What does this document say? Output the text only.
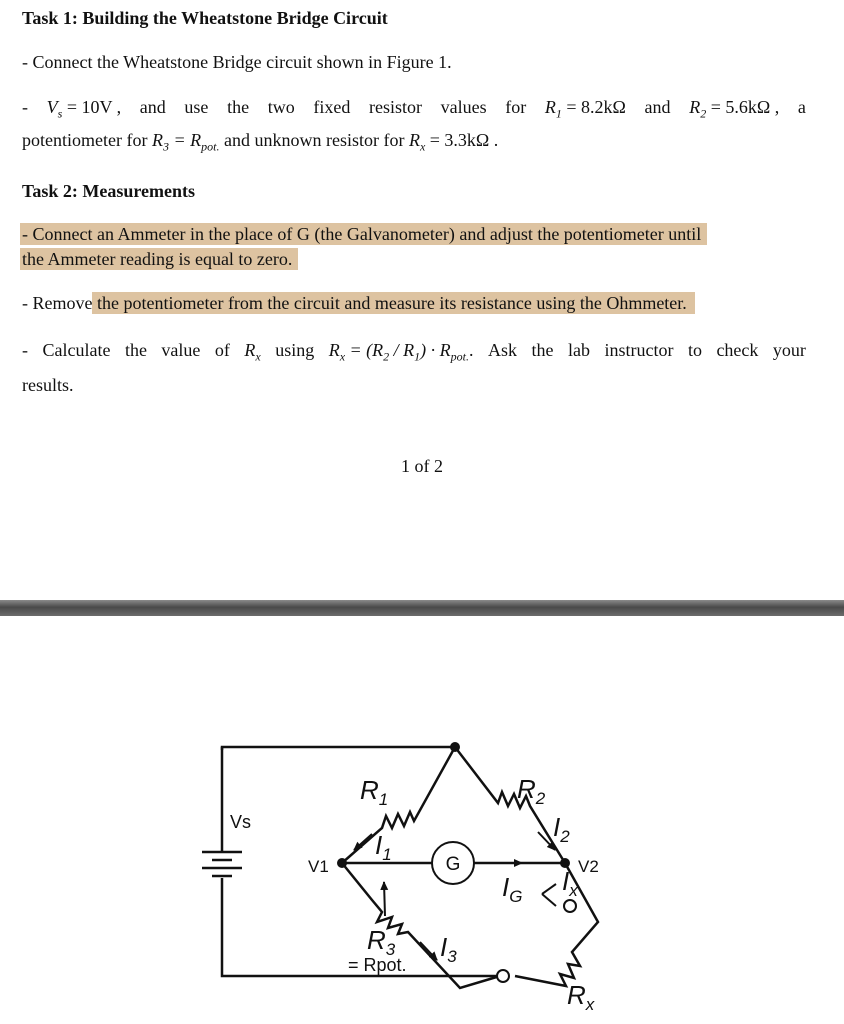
Task 1: Building the Wheatstone Bridge Circuit
- Connect the Wheatstone Bridge circuit shown in Figure 1.
- $V_s = 10V$ , and use the two fixed resistor values for $R_1 = 8.2k\Omega$ and $R_2 = 5.6k\Omega$ , a
potentiometer for $R_3 = R_{pot.}$ and unknown resistor for $R_x = 3.3k\Omega$ .
Task 2: Measurements
- Connect an Ammeter in the place of G (the Galvanometer) and adjust the potentiometer until
the Ammeter reading is equal to zero.
- Remove the potentiometer from the circuit and measure its resistance using the Ohmmeter.
- Calculate the value of $R_x$ using $R_x = (R_2 / R_1) \cdot R_{pot.}$. Ask the lab instructor to check your
results.
1 of 2
G
Vs
V1	V2
= Rpot.
$R_1$	$R_2$
$R_3$
$R_x$
$I_1$
$I_2$
$I_3$
$I_G$
$I_x$
